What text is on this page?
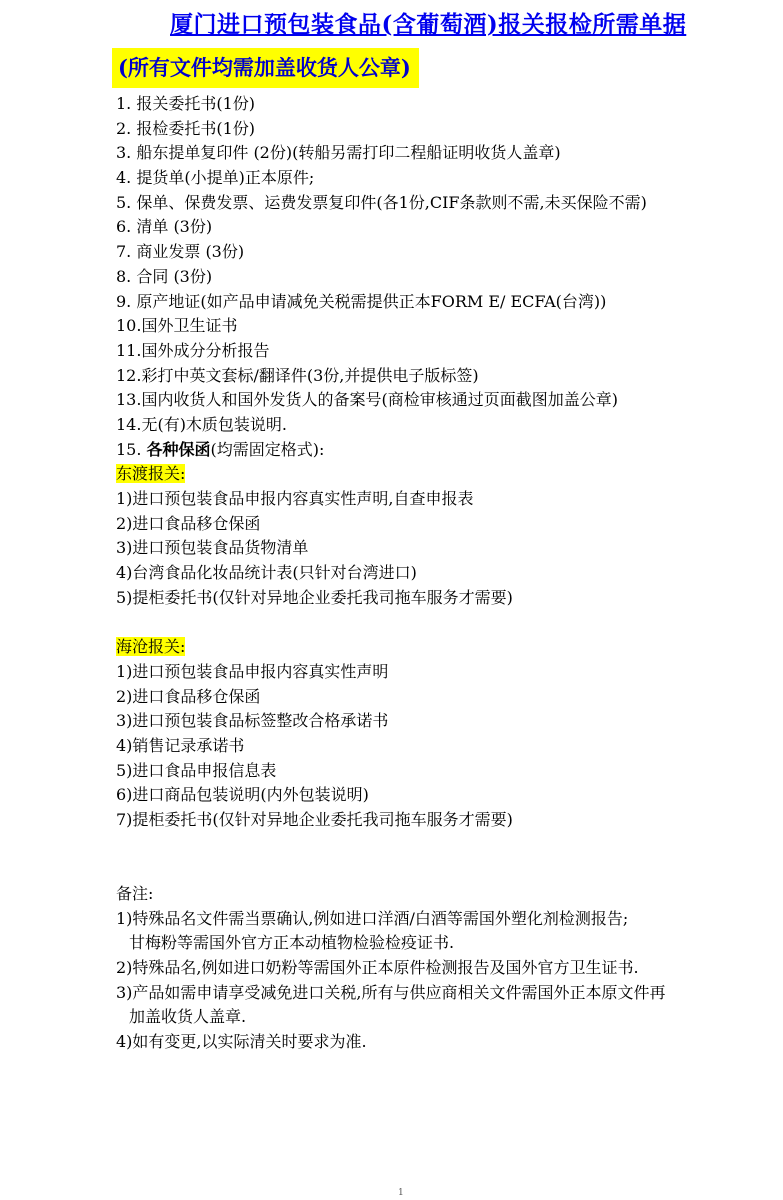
厦门进口预包装食品(含葡萄酒)报关报检所需单据
(所有文件均需加盖收货人公章)
1. 报关委托书(1份)
2. 报检委托书(1份)
3. 船东提单复印件 (2份)(转船另需打印二程船证明收货人盖章)
4. 提货单(小提单)正本原件;
5. 保单、保费发票、运费发票复印件(各1份,CIF条款则不需,未买保险不需)
6. 清单 (3份)
7. 商业发票 (3份)
8. 合同 (3份)
9. 原产地证(如产品申请减免关税需提供正本FORM E/ ECFA(台湾))
10.国外卫生证书
11.国外成分分析报告
12.彩打中英文套标/翻译件(3份,并提供电子版标签)
13.国内收货人和国外发货人的备案号(商检审核通过页面截图加盖公章)
14.无(有)木质包装说明.
15. 各种保函(均需固定格式):
东渡报关:
1)进口预包装食品申报内容真实性声明,自查申报表
2)进口食品移仓保函
3)进口预包装食品货物清单
4)台湾食品化妆品统计表(只针对台湾进口)
5)提柜委托书(仅针对异地企业委托我司拖车服务才需要)
海沧报关:
1)进口预包装食品申报内容真实性声明
2)进口食品移仓保函
3)进口预包装食品标签整改合格承诺书
4)销售记录承诺书
5)进口食品申报信息表
6)进口商品包装说明(内外包装说明)
7)提柜委托书(仅针对异地企业委托我司拖车服务才需要)
备注:
1)特殊品名文件需当票确认,例如进口洋酒/白酒等需国外塑化剂检测报告;
甘梅粉等需国外官方正本动植物检验检疫证书.
2)特殊品名,例如进口奶粉等需国外正本原件检测报告及国外官方卫生证书.
3)产品如需申请享受减免进口关税,所有与供应商相关文件需国外正本原文件再
加盖收货人盖章.
4)如有变更,以实际清关时要求为准.
1
